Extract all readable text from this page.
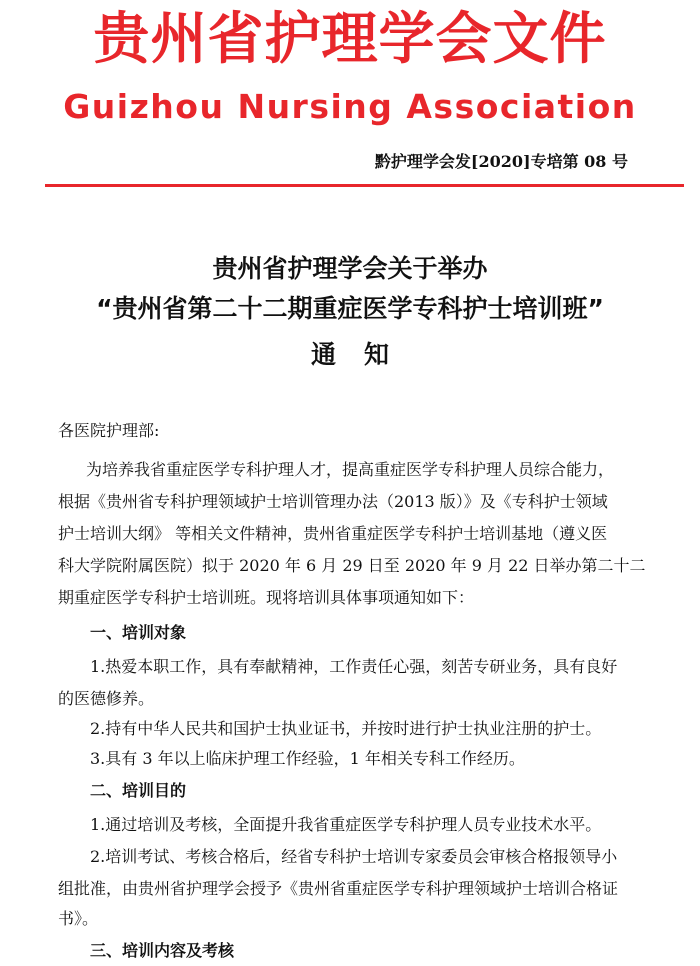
贵州省护理学会文件
Guizhou Nursing Association
黔护理学会发[2020]专培第 08 号
贵州省护理学会关于举办
“贵州省第二十二期重症医学专科护士培训班”
通知
各医院护理部:
为培养我省重症医学专科护理人才，提高重症医学专科护理人员综合能力，
根据《贵州省专科护理领域护士培训管理办法（2013 版）》及《专科护士领域
护士培训大纲》 等相关文件精神，贵州省重症医学专科护士培训基地（遵义医
科大学院附属医院）拟于 2020 年 6 月 29 日至 2020 年 9 月 22 日举办第二十二
期重症医学专科护士培训班。现将培训具体事项通知如下：
一、培训对象
1.热爱本职工作，具有奉献精神，工作责任心强，刻苦专研业务，具有良好
的医德修养。
2.持有中华人民共和国护士执业证书，并按时进行护士执业注册的护士。
3.具有 3 年以上临床护理工作经验，1 年相关专科工作经历。
二、培训目的
1.通过培训及考核，全面提升我省重症医学专科护理人员专业技术水平。
2.培训考试、考核合格后，经省专科护士培训专家委员会审核合格报领导小
组批准，由贵州省护理学会授予《贵州省重症医学专科护理领域护士培训合格证
书》。
三、培训内容及考核
